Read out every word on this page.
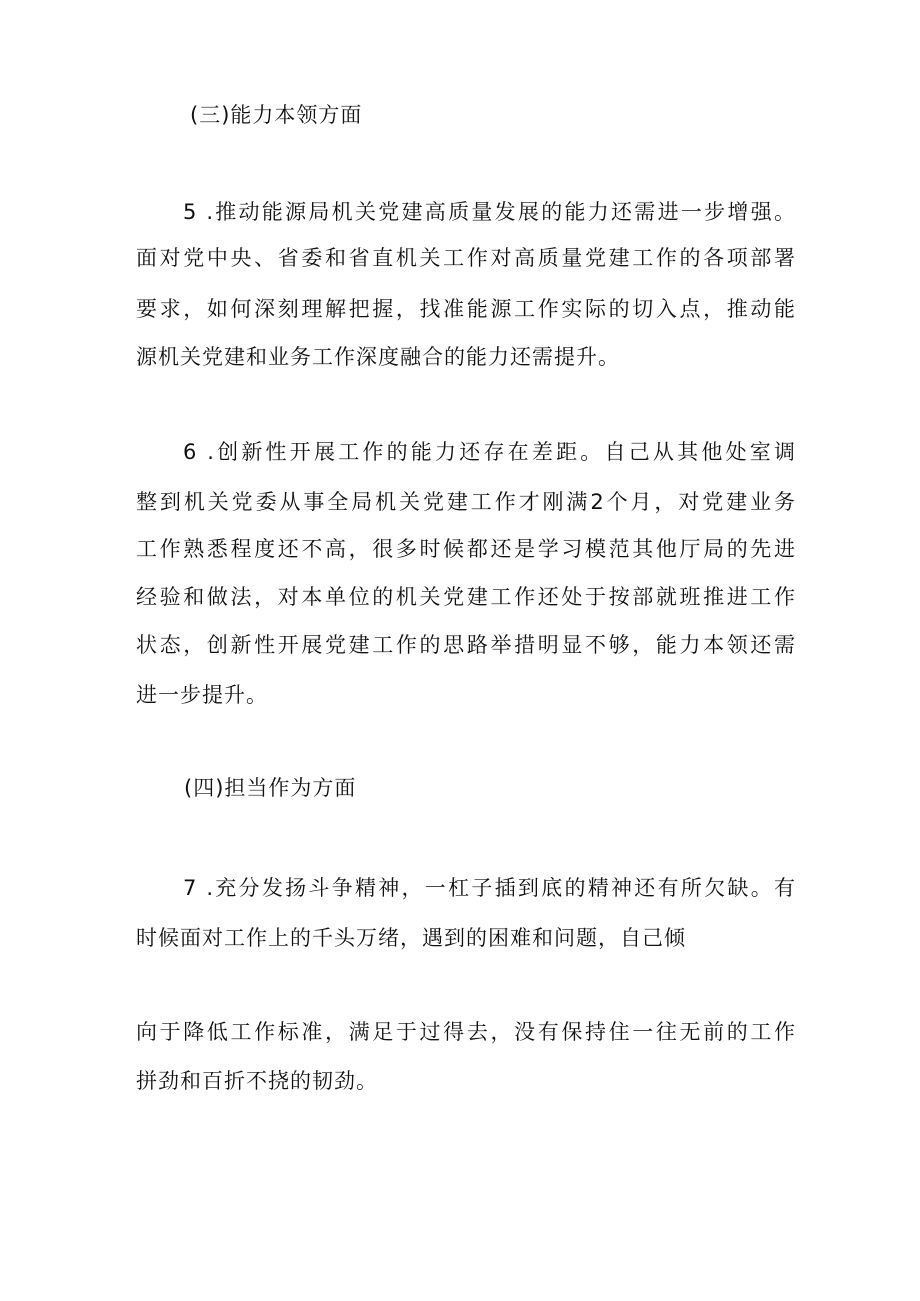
(三)能力本领方面
5 .推动能源局机关党建高质量发展的能力还需进一步增强。
面对党中央、省委和省直机关工作对高质量党建工作的各项部署
要求，如何深刻理解把握，找准能源工作实际的切入点，推动能
源机关党建和业务工作深度融合的能力还需提升。
6 .创新性开展工作的能力还存在差距。自己从其他处室调
整到机关党委从事全局机关党建工作才刚满2个月，对党建业务
工作熟悉程度还不高，很多时候都还是学习模范其他厅局的先进
经验和做法，对本单位的机关党建工作还处于按部就班推进工作
状态，创新性开展党建工作的思路举措明显不够，能力本领还需
进一步提升。
(四)担当作为方面
7 .充分发扬斗争精神，一杠子插到底的精神还有所欠缺。有
时候面对工作上的千头万绪，遇到的困难和问题，自己倾
向于降低工作标准，满足于过得去，没有保持住一往无前的工作
拼劲和百折不挠的韧劲。
